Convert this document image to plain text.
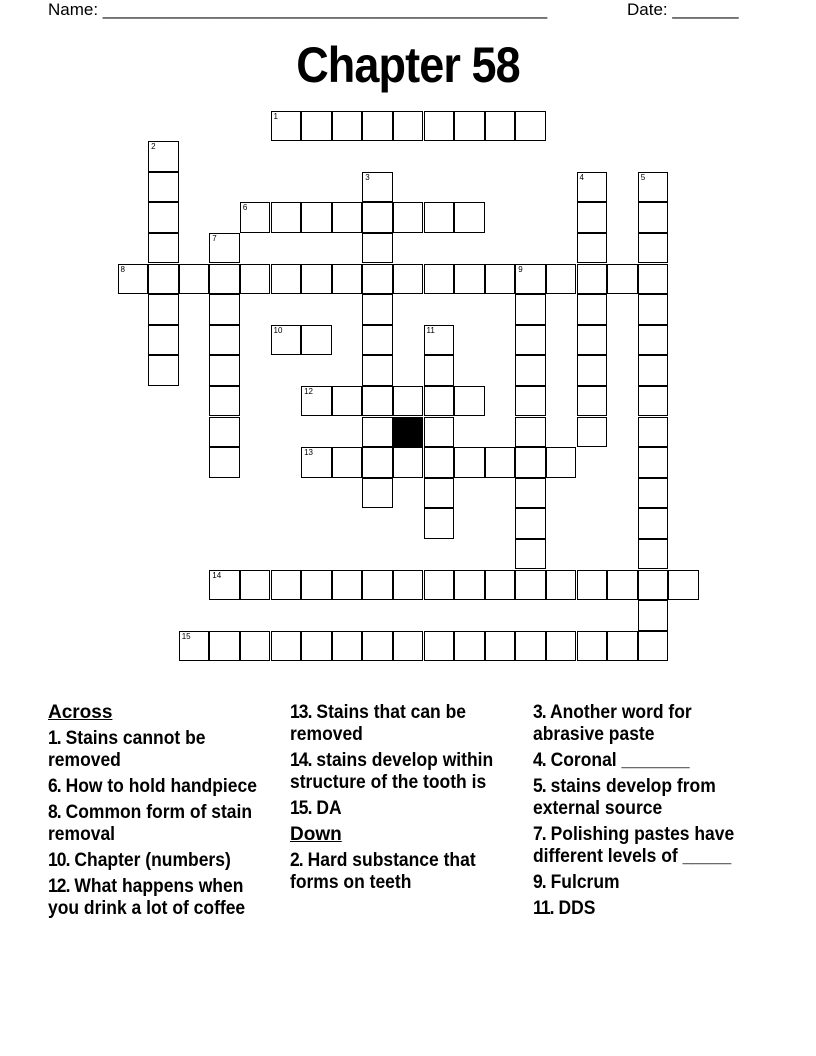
Name: _______________________________________________	Date: _______
Chapter 58
1
2
3	4	5
6
7
8	9
10	11
12
13
14
15
Across
1. Stains cannot be removed
6. How to hold handpiece
8. Common form of stain removal
10. Chapter (numbers)
12. What happens when you drink a lot of coffee
13. Stains that can be removed
14. stains develop within structure of the tooth is
15. DA
Down
2. Hard substance that forms on teeth
3. Another word for abrasive paste
4. Coronal _______
5. stains develop from external source
7. Polishing pastes have different levels of _____
9. Fulcrum
11. DDS
